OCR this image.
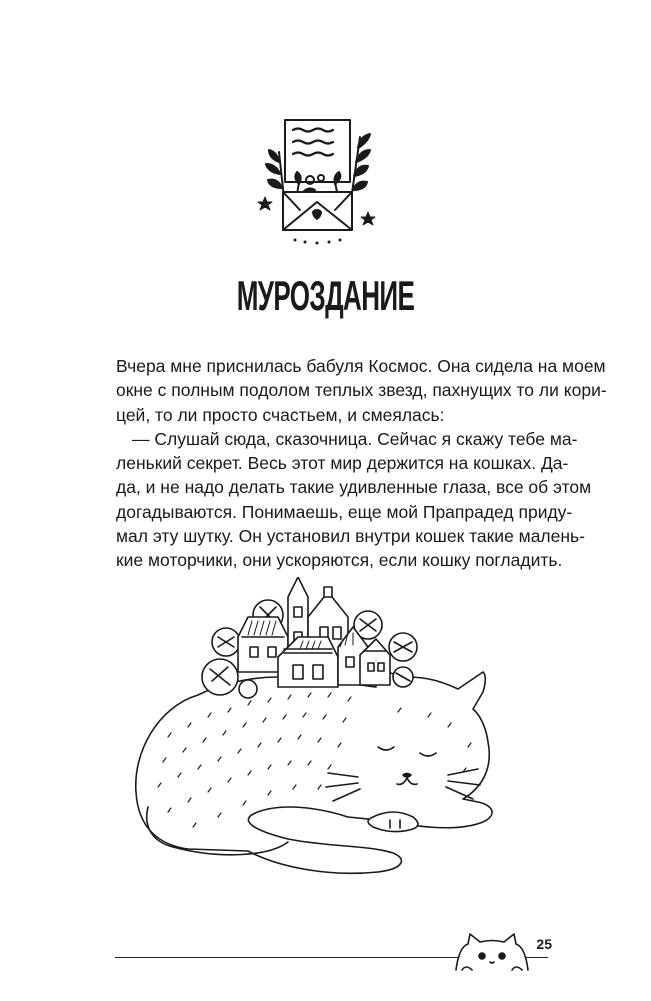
МУРОЗДАНИЕ
Вчера мне приснилась бабуля Космос. Она сидела на моем
окне с полным подолом теплых звезд, пахнущих то ли кори-
цей, то ли просто счастьем, и смеялась:
— Слушай сюда, сказочница. Сейчас я скажу тебе ма-
ленький секрет. Весь этот мир держится на кошках. Да-
да, и не надо делать такие удивленные глаза, все об этом
догадываются. Понимаешь, еще мой Прапрадед приду-
мал эту шутку. Он установил внутри кошек такие малень-
кие моторчики, они ускоряются, если кошку погладить.
25
